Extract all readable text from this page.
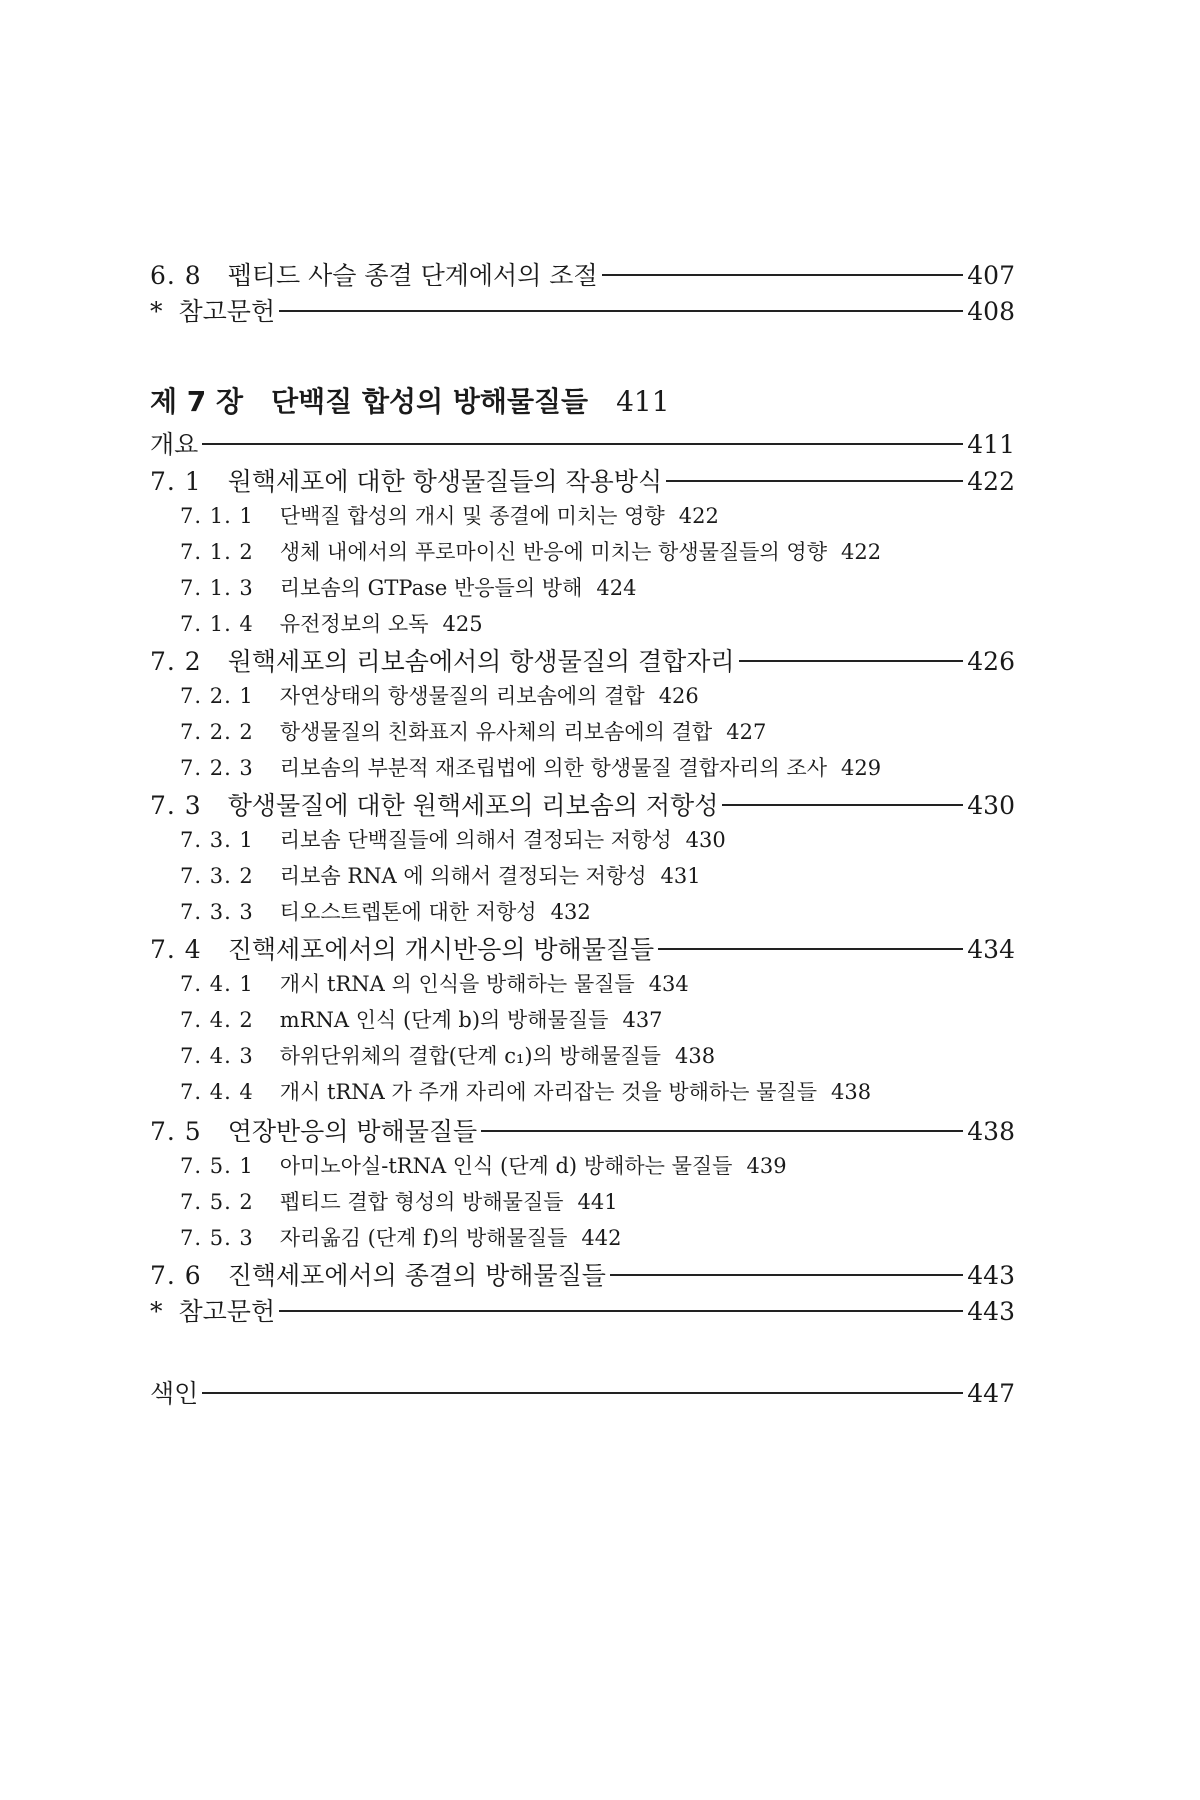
6. 8 펩티드 사슬 종결 단계에서의 조절	407
* 참고문헌	408
제 7 장 단백질 합성의 방해물질들 411
개요	411
7. 1 원핵세포에 대한 항생물질들의 작용방식	422
7. 1. 1 단백질 합성의 개시 및 종결에 미치는 영향 422
7. 1. 2 생체 내에서의 푸로마이신 반응에 미치는 항생물질들의 영향 422
7. 1. 3 리보솜의 GTPase 반응들의 방해 424
7. 1. 4 유전정보의 오독 425
7. 2 원핵세포의 리보솜에서의 항생물질의 결합자리	426
7. 2. 1 자연상태의 항생물질의 리보솜에의 결합 426
7. 2. 2 항생물질의 친화표지 유사체의 리보솜에의 결합 427
7. 2. 3 리보솜의 부분적 재조립법에 의한 항생물질 결합자리의 조사 429
7. 3 항생물질에 대한 원핵세포의 리보솜의 저항성	430
7. 3. 1 리보솜 단백질들에 의해서 결정되는 저항성 430
7. 3. 2 리보솜 RNA 에 의해서 결정되는 저항성 431
7. 3. 3 티오스트렙톤에 대한 저항성 432
7. 4 진핵세포에서의 개시반응의 방해물질들	434
7. 4. 1 개시 tRNA 의 인식을 방해하는 물질들 434
7. 4. 2 mRNA 인식 (단계 b)의 방해물질들 437
7. 4. 3 하위단위체의 결합(단계 c₁)의 방해물질들 438
7. 4. 4 개시 tRNA 가 주개 자리에 자리잡는 것을 방해하는 물질들 438
7. 5 연장반응의 방해물질들	438
7. 5. 1 아미노아실-tRNA 인식 (단계 d) 방해하는 물질들 439
7. 5. 2 펩티드 결합 형성의 방해물질들 441
7. 5. 3 자리옮김 (단계 f)의 방해물질들 442
7. 6 진핵세포에서의 종결의 방해물질들	443
* 참고문헌	443
색인	447
